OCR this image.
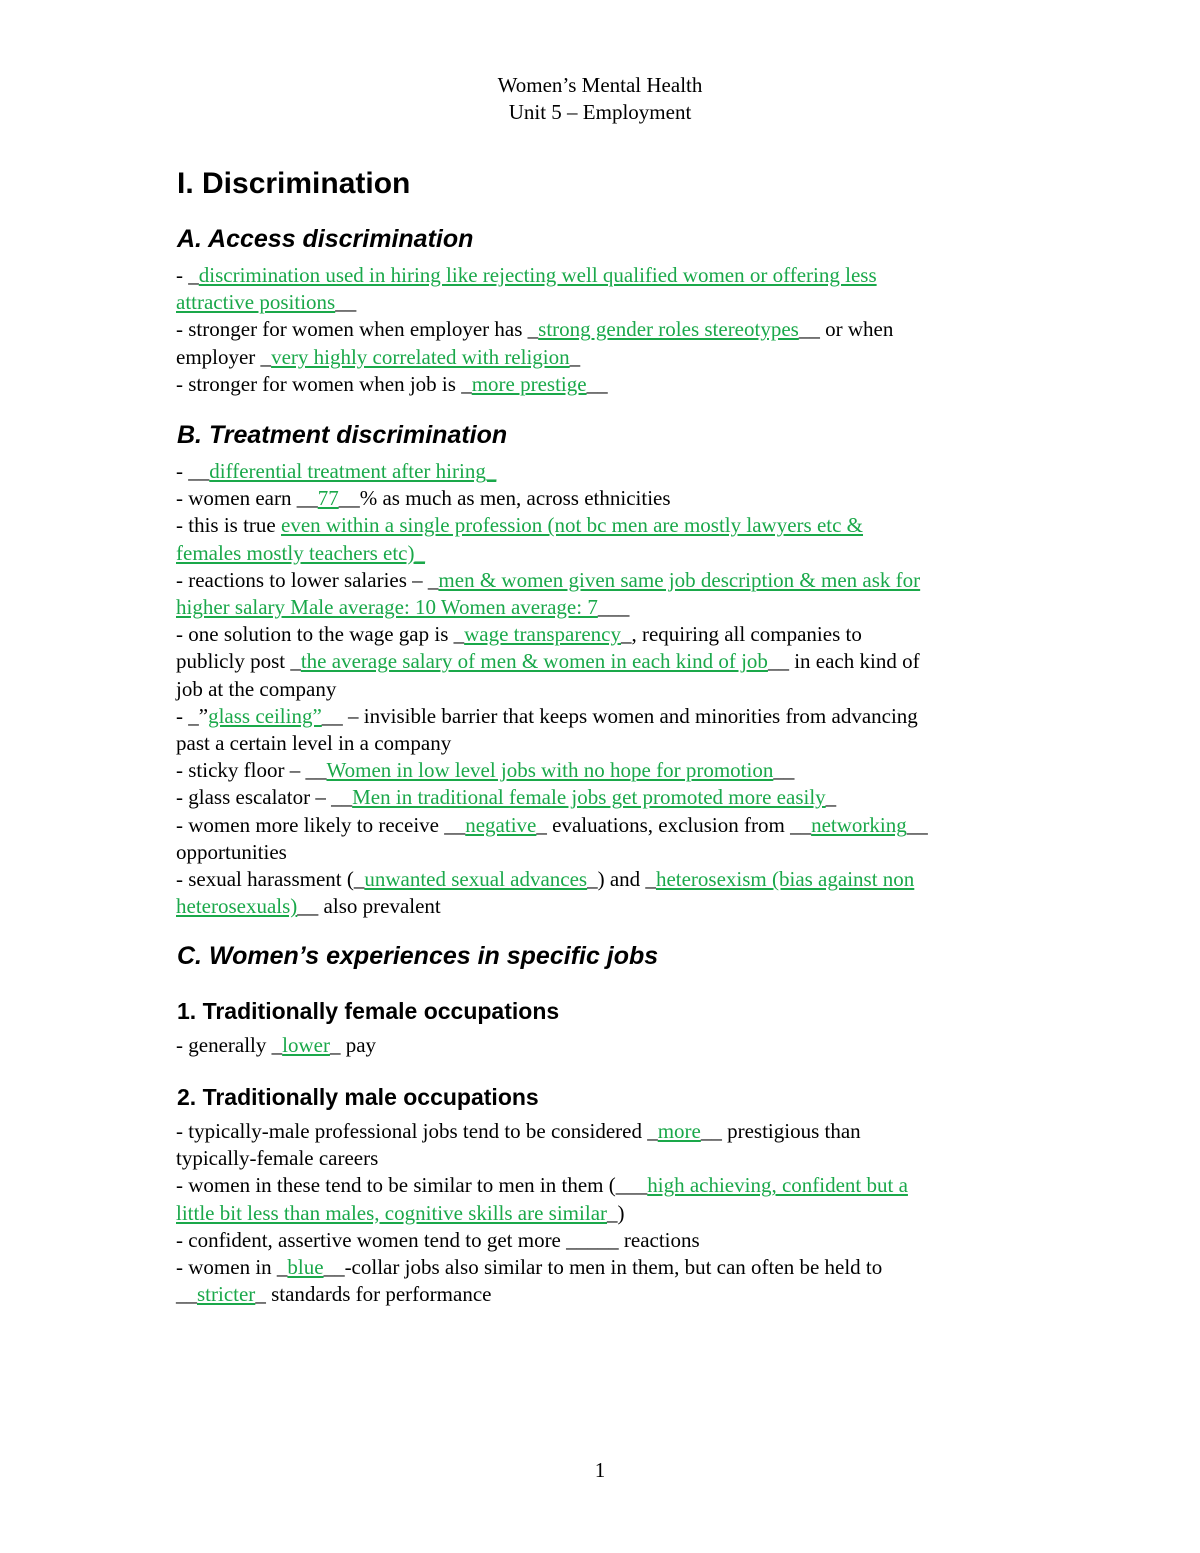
Women’s Mental Health
Unit 5 – Employment
I. Discrimination
A. Access discrimination
- _discrimination used in hiring like rejecting well qualified women or offering less
attractive positions__
- stronger for women when employer has _strong gender roles stereotypes__ or when
employer _very highly correlated with religion_
- stronger for women when job is _more prestige__
B. Treatment discrimination
- __differential treatment after hiring_
- women earn __77__% as much as men, across ethnicities
- this is true even within a single profession (not bc men are mostly lawyers etc &
females mostly teachers etc)_
- reactions to lower salaries – _men & women given same job description & men ask for
higher salary Male average: 10 Women average: 7___
- one solution to the wage gap is _wage transparency_, requiring all companies to
publicly post _the average salary of men & women in each kind of job__ in each kind of
job at the company
- _”glass ceiling”__ – invisible barrier that keeps women and minorities from advancing
past a certain level in a company
- sticky floor – __Women in low level jobs with no hope for promotion__
- glass escalator – __Men in traditional female jobs get promoted more easily_
- women more likely to receive __negative_ evaluations, exclusion from __networking__
opportunities
- sexual harassment (_unwanted sexual advances_) and _heterosexism (bias against non
heterosexuals)__ also prevalent
C. Women’s experiences in specific jobs
1. Traditionally female occupations
- generally _lower_ pay
2. Traditionally male occupations
- typically-male professional jobs tend to be considered _more__ prestigious than
typically-female careers
- women in these tend to be similar to men in them (___high achieving, confident but a
little bit less than males, cognitive skills are similar_)
- confident, assertive women tend to get more _____ reactions
- women in _blue__-collar jobs also similar to men in them, but can often be held to
__stricter_ standards for performance
1
